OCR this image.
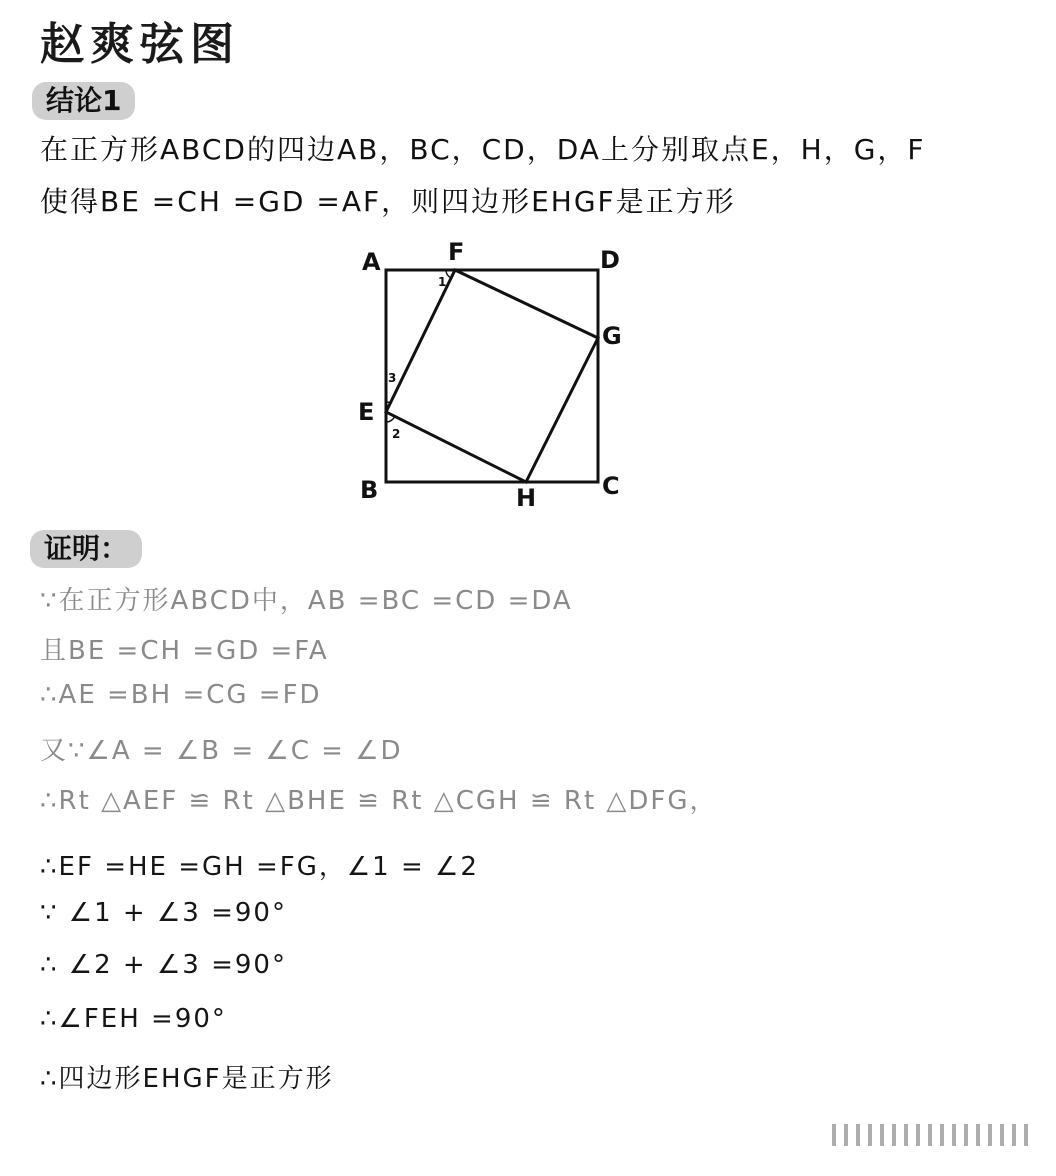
赵爽弦图
结论1
在正方形ABCD的四边AB，BC，CD，DA上分别取点E，H，G，F
使得BE =CH =GD =AF，则四边形EHGF是正方形
A	F	D
G
E
B	H	C
1
3
2
证明：
∵在正方形ABCD中，AB =BC =CD =DA
且BE =CH =GD =FA
∴AE =BH =CG =FD
又∵∠A = ∠B = ∠C = ∠D
∴Rt △AEF ≌ Rt △BHE ≌ Rt △CGH ≌ Rt △DFG，
∴EF =HE =GH =FG，∠1 = ∠2
∵ ∠1 + ∠3 =90°
∴ ∠2 + ∠3 =90°
∴∠FEH =90°
∴四边形EHGF是正方形
